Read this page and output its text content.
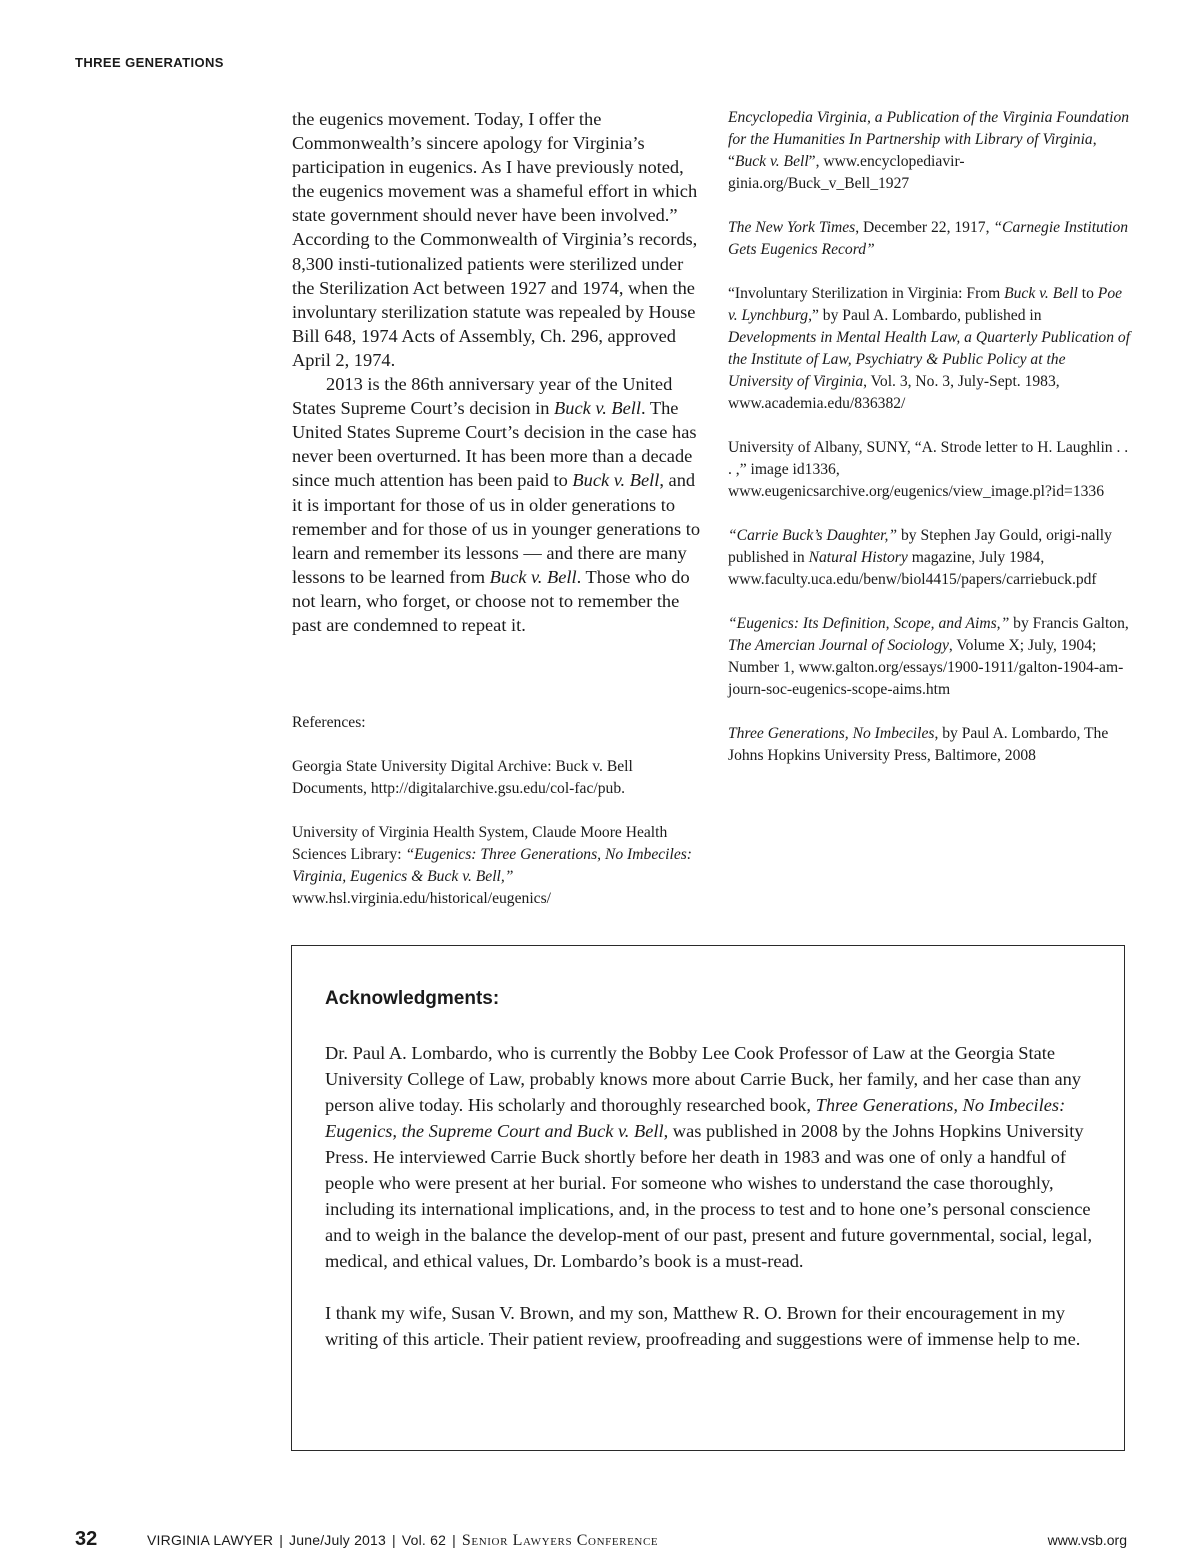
THREE GENERATIONS

the eugenics movement. Today, I offer the Commonwealth’s sincere apology for Virginia’s participation in eugenics. As I have previously noted, the eugenics movement was a shameful effort in which state government should never have been involved.” According to the Commonwealth of Virginia’s records, 8,300 insti-tutionalized patients were sterilized under the Sterilization Act between 1927 and 1974, when the involuntary sterilization statute was repealed by House Bill 648, 1974 Acts of Assembly, Ch. 296, approved April 2, 1974.

2013 is the 86th anniversary year of the United States Supreme Court’s decision in Buck v. Bell. The United States Supreme Court’s decision in the case has never been overturned. It has been more than a decade since much attention has been paid to Buck v. Bell, and it is important for those of us in older generations to remember and for those of us in younger generations to learn and remember its lessons — and there are many lessons to be learned from Buck v. Bell. Those who do not learn, who forget, or choose not to remember the past are condemned to repeat it.

References:

Georgia State University Digital Archive: Buck v. Bell Documents, http://digitalarchive.gsu.edu/col-fac/pub.

University of Virginia Health System, Claude Moore Health Sciences Library: “Eugenics: Three Generations, No Imbeciles: Virginia, Eugenics & Buck v. Bell,” www.hsl.virginia.edu/historical/eugenics/

Encyclopedia Virginia, a Publication of the Virginia Foundation for the Humanities In Partnership with Library of Virginia, “Buck v. Bell”, www.encyclopediavir-ginia.org/Buck_v_Bell_1927

The New York Times, December 22, 1917, “Carnegie Institution Gets Eugenics Record”

“Involuntary Sterilization in Virginia: From Buck v. Bell to Poe v. Lynchburg,” by Paul A. Lombardo, published in Developments in Mental Health Law, a Quarterly Publication of the Institute of Law, Psychiatry & Public Policy at the University of Virginia, Vol. 3, No. 3, July-Sept. 1983, www.academia.edu/836382/

University of Albany, SUNY, “A. Strode letter to H. Laughlin . . . ,” image id1336, www.eugenicsarchive.org/eugenics/view_image.pl?id=1336

“Carrie Buck’s Daughter,” by Stephen Jay Gould, origi-nally published in Natural History magazine, July 1984, www.faculty.uca.edu/benw/biol4415/papers/carriebuck.pdf

“Eugenics: Its Definition, Scope, and Aims,” by Francis Galton, The Amercian Journal of Sociology, Volume X; July, 1904; Number 1, www.galton.org/essays/1900-1911/galton-1904-am-journ-soc-eugenics-scope-aims.htm

Three Generations, No Imbeciles, by Paul A. Lombardo, The Johns Hopkins University Press, Baltimore, 2008

Acknowledgments:

Dr. Paul A. Lombardo, who is currently the Bobby Lee Cook Professor of Law at the Georgia State University College of Law, probably knows more about Carrie Buck, her family, and her case than any person alive today. His scholarly and thoroughly researched book, Three Generations, No Imbeciles: Eugenics, the Supreme Court and Buck v. Bell, was published in 2008 by the Johns Hopkins University Press. He interviewed Carrie Buck shortly before her death in 1983 and was one of only a handful of people who were present at her burial. For someone who wishes to understand the case thoroughly, including its international implications, and, in the process to test and to hone one’s personal conscience and to weigh in the balance the develop-ment of our past, present and future governmental, social, legal, medical, and ethical values, Dr. Lombardo’s book is a must-read.

I thank my wife, Susan V. Brown, and my son, Matthew R. O. Brown for their encouragement in my writing of this article. Their patient review, proofreading and suggestions were of immense help to me.

32	VIRGINIA LAWYER | June/July 2013 | Vol. 62 | Senior Lawyers Conference	www.vsb.org
